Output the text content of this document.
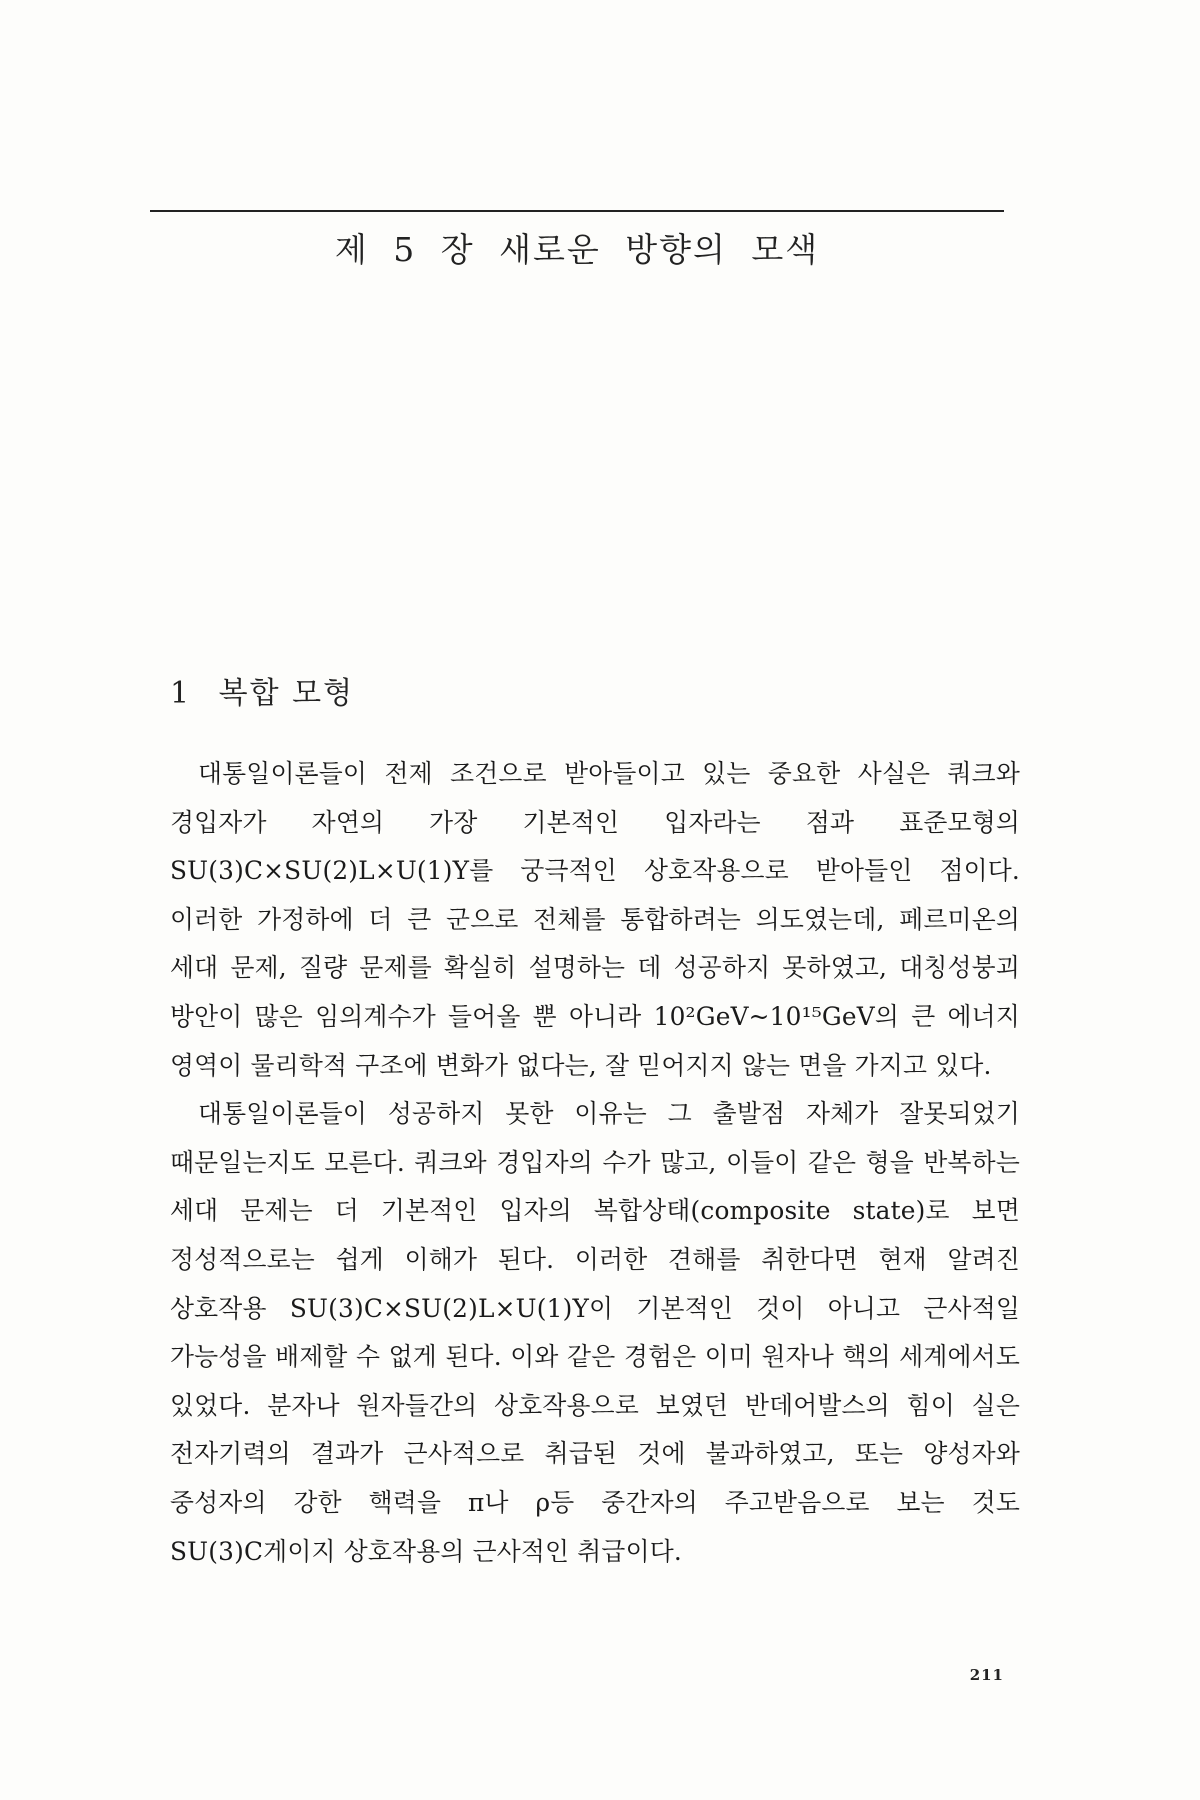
제 5 장 새로운 방향의 모색
1 복합 모형

대통일이론들이 전제 조건으로 받아들이고 있는 중요한 사실은 쿼크와 경입자가 자연의 가장 기본적인 입자라는 점과 표준모형의 SU(3)C×SU(2)L×U(1)Y를 궁극적인 상호작용으로 받아들인 점이다. 이러한 가정하에 더 큰 군으로 전체를 통합하려는 의도였는데, 페르미온의 세대 문제, 질량 문제를 확실히 설명하는 데 성공하지 못하였고, 대칭성붕괴 방안이 많은 임의계수가 들어올 뿐 아니라 10²GeV~10¹⁵GeV의 큰 에너지 영역이 물리학적 구조에 변화가 없다는, 잘 믿어지지 않는 면을 가지고 있다.

대통일이론들이 성공하지 못한 이유는 그 출발점 자체가 잘못되었기 때문일는지도 모른다. 쿼크와 경입자의 수가 많고, 이들이 같은 형을 반복하는 세대 문제는 더 기본적인 입자의 복합상태(composite state)로 보면 정성적으로는 쉽게 이해가 된다. 이러한 견해를 취한다면 현재 알려진 상호작용 SU(3)C×SU(2)L×U(1)Y이 기본적인 것이 아니고 근사적일 가능성을 배제할 수 없게 된다. 이와 같은 경험은 이미 원자나 핵의 세계에서도 있었다. 분자나 원자들간의 상호작용으로 보였던 반데어발스의 힘이 실은 전자기력의 결과가 근사적으로 취급된 것에 불과하였고, 또는 양성자와 중성자의 강한 핵력을 π나 ρ등 중간자의 주고받음으로 보는 것도 SU(3)C게이지 상호작용의 근사적인 취급이다.

211
